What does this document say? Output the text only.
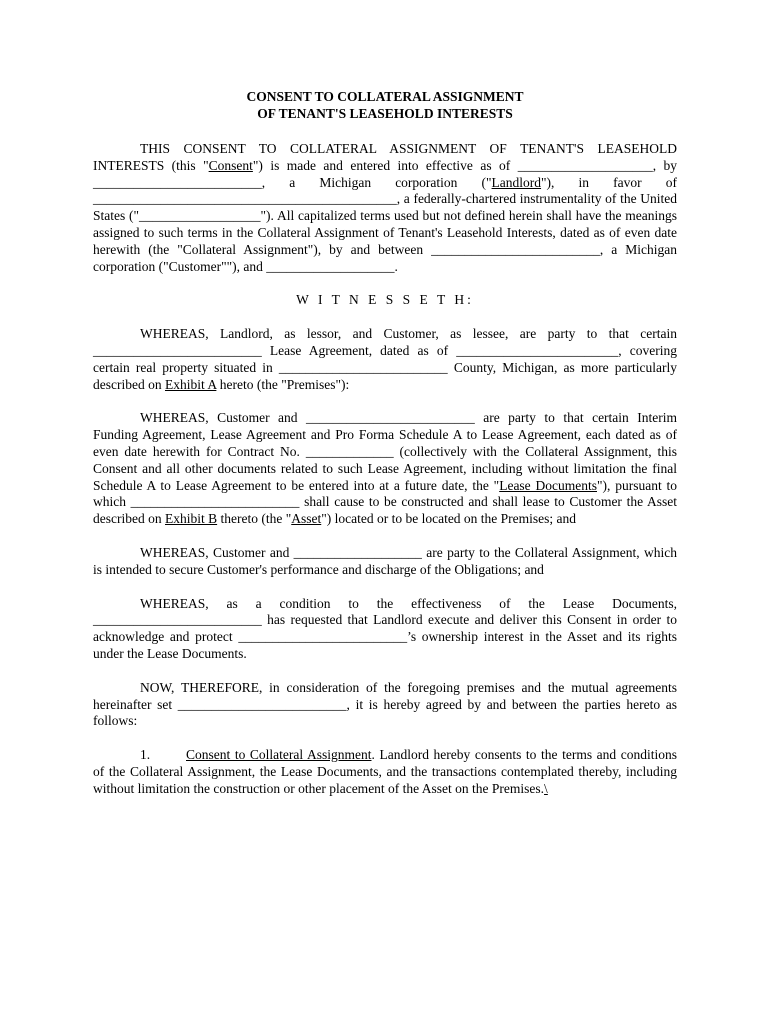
CONSENT TO COLLATERAL ASSIGNMENT
OF TENANT'S LEASEHOLD INTERESTS

THIS CONSENT TO COLLATERAL ASSIGNMENT OF TENANT'S LEASEHOLD INTERESTS (this "Consent") is made and entered into effective as of ____________________, by _________________________, a Michigan corporation ("Landlord"), in favor of _____________________________________________, a federally-chartered instrumentality of the United States ("__________________"). All capitalized terms used but not defined herein shall have the meanings assigned to such terms in the Collateral Assignment of Tenant's Leasehold Interests, dated as of even date herewith (the "Collateral Assignment"), by and between _________________________, a Michigan corporation ("Customer""), and ___________________.

W I T N E S S E T H:

WHEREAS, Landlord, as lessor, and Customer, as lessee, are party to that certain _________________________ Lease Agreement, dated as of ________________________, covering certain real property situated in _________________________ County, Michigan, as more particularly described on Exhibit A hereto (the "Premises"):

WHEREAS, Customer and _________________________ are party to that certain Interim Funding Agreement, Lease Agreement and Pro Forma Schedule A to Lease Agreement, each dated as of even date herewith for Contract No. _____________ (collectively with the Collateral Assignment, this Consent and all other documents related to such Lease Agreement, including without limitation the final Schedule A to Lease Agreement to be entered into at a future date, the "Lease Documents"), pursuant to which _________________________ shall cause to be constructed and shall lease to Customer the Asset described on Exhibit B thereto (the "Asset") located or to be located on the Premises; and

WHEREAS, Customer and ___________________ are party to the Collateral Assignment, which is intended to secure Customer's performance and discharge of the Obligations; and

WHEREAS, as a condition to the effectiveness of the Lease Documents, _________________________ has requested that Landlord execute and deliver this Consent in order to acknowledge and protect _________________________’s ownership interest in the Asset and its rights under the Lease Documents.

NOW, THEREFORE, in consideration of the foregoing premises and the mutual agreements hereinafter set _________________________, it is hereby agreed by and between the parties hereto as follows:

1.	Consent to Collateral Assignment. Landlord hereby consents to the terms and conditions of the Collateral Assignment, the Lease Documents, and the transactions contemplated thereby, including without limitation the construction or other placement of the Asset on the Premises.\
